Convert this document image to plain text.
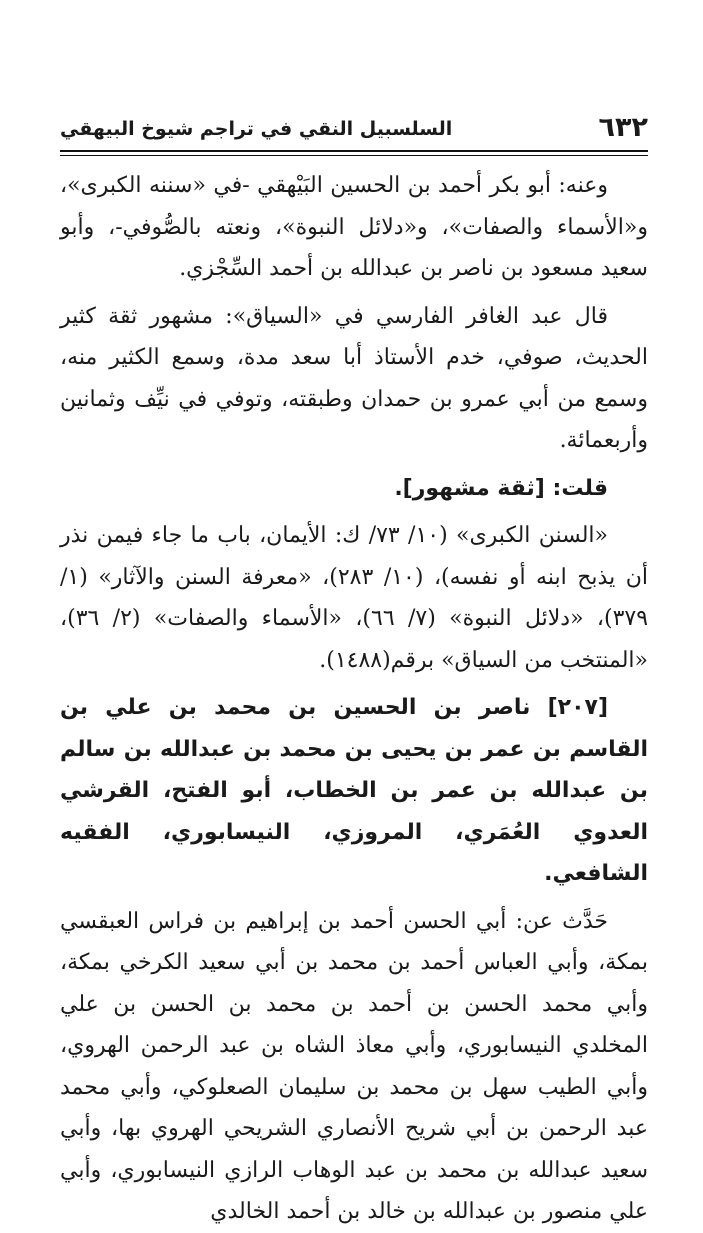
٦٣٢
السلسبيل النقي في تراجم شيوخ البيهقي

وعنه: أبو بكر أحمد بن الحسين البَيْهقي -في «سننه الكبرى»، و«الأسماء والصفات»، و«دلائل النبوة»، ونعته بالصُّوفي-، وأبو سعيد مسعود بن ناصر بن عبدالله بن أحمد السِّجْزي.

قال عبد الغافر الفارسي في «السياق»: مشهور ثقة كثير الحديث، صوفي، خدم الأستاذ أبا سعد مدة، وسمع الكثير منه، وسمع من أبي عمرو بن حمدان وطبقته، وتوفي في نيِّف وثمانين وأربعمائة.

قلت: [ثقة مشهور].

«السنن الكبرى» (١٠/ ٧٣/ ك: الأيمان، باب ما جاء فيمن نذر أن يذبح ابنه أو نفسه)، (١٠/ ٢٨٣)، «معرفة السنن والآثار» (١/ ٣٧٩)، «دلائل النبوة» (٧/ ٦٦)، «الأسماء والصفات» (٢/ ٣٦)، «المنتخب من السياق» برقم(١٤٨٨).

[٢٠٧] ناصر بن الحسين بن محمد بن علي بن القاسم بن عمر بن يحيى بن محمد بن عبدالله بن سالم بن عبدالله بن عمر بن الخطاب، أبو الفتح، القرشي العدوي العُمَري، المروزي، النيسابوري، الفقيه الشافعي.

حَدَّث عن: أبي الحسن أحمد بن إبراهيم بن فراس العبقسي بمكة، وأبي العباس أحمد بن محمد بن أبي سعيد الكرخي بمكة، وأبي محمد الحسن بن أحمد بن محمد بن الحسن بن علي المخلدي النيسابوري، وأبي معاذ الشاه بن عبد الرحمن الهروي، وأبي الطيب سهل بن محمد بن سليمان الصعلوكي، وأبي محمد عبد الرحمن بن أبي شريح الأنصاري الشريحي الهروي بها، وأبي سعيد عبدالله بن محمد بن عبد الوهاب الرازي النيسابوري، وأبي علي منصور بن عبدالله بن خالد بن أحمد الخالدي
